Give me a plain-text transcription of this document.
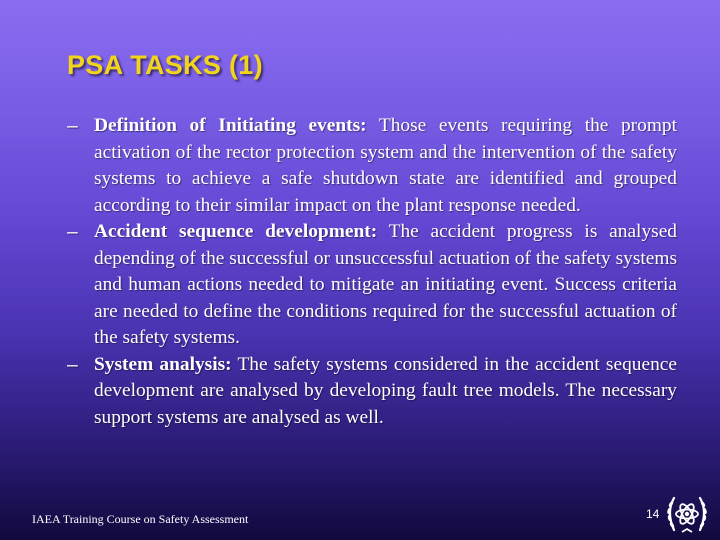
PSA TASKS (1)
– Definition of Initiating events: Those events requiring the prompt activation of the rector protection system and the intervention of the safety systems to achieve a safe shutdown state are identified and grouped according to their similar impact on the plant response needed.
– Accident sequence development: The accident progress is analysed depending of the successful or unsuccessful actuation of the safety systems and human actions needed to mitigate an initiating event. Success criteria are needed to define the conditions required for the successful actuation of the safety systems.
– System analysis: The safety systems considered in the accident sequence development are analysed by developing fault tree models. The necessary support systems are analysed as well.
IAEA Training Course on Safety Assessment	14
